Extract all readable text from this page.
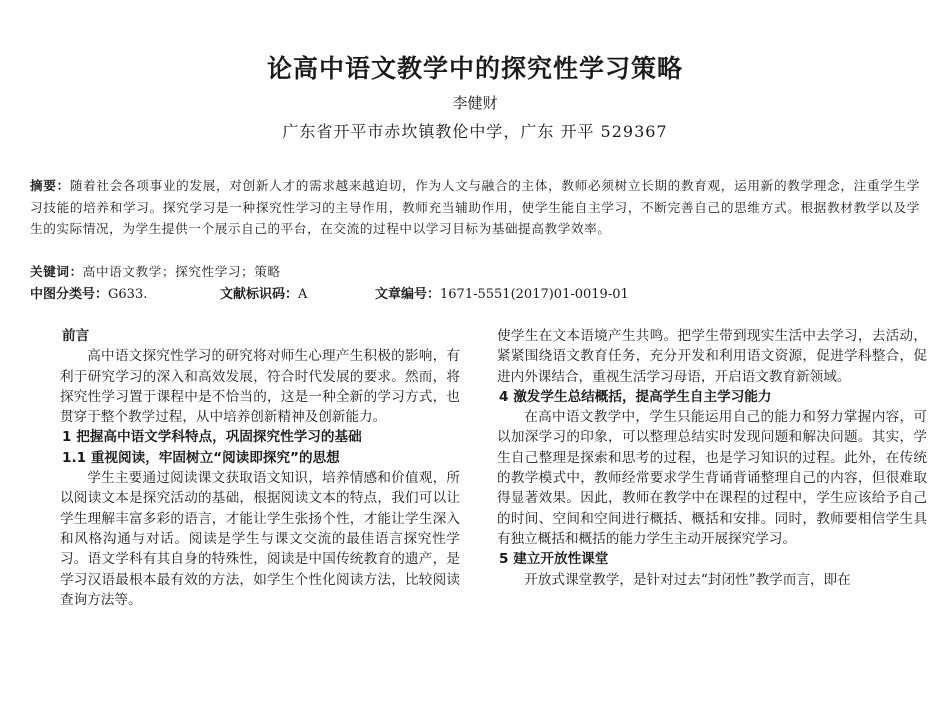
论高中语文教学中的探究性学习策略
李健财
广东省开平市赤坎镇教伦中学，广东 开平 529367
摘要：随着社会各项事业的发展，对创新人才的需求越来越迫切，作为人文与融合的主体，教师必须树立长期的教育观，运用新的教学理念，注重学生学习技能的培养和学习。探究学习是一种探究性学习的主导作用，教师充当辅助作用，使学生能自主学习，不断完善自己的思维方式。根据教材教学以及学生的实际情况，为学生提供一个展示自己的平台，在交流的过程中以学习目标为基础提高教学效率。
关键词：高中语文教学；探究性学习；策略
中图分类号：G633.	文献标识码：A	文章编号：1671-5551(2017)01-0019-01
前言

高中语文探究性学习的研究将对师生心理产生积极的影响，有利于研究学习的深入和高效发展，符合时代发展的要求。然而，将探究性学习置于课程中是不恰当的，这是一种全新的学习方式，也贯穿于整个教学过程，从中培养创新精神及创新能力。

1 把握高中语文学科特点，巩固探究性学习的基础
1.1 重视阅读，牢固树立“阅读即探究”的思想

学生主要通过阅读课文获取语文知识，培养情感和价值观，所以阅读文本是探究活动的基础，根据阅读文本的特点，我们可以让学生理解丰富多彩的语言，才能让学生张扬个性，才能让学生深入和风格沟通与对话。阅读是学生与课文交流的最佳语言探究性学习。语文学科有其自身的特殊性，阅读是中国传统教育的遗产，是学习汉语最根本最有效的方法，如学生个性化阅读方法，比较阅读查询方法等。

使学生在文本语境产生共鸣。把学生带到现实生活中去学习，去活动，紧紧围绕语文教育任务，充分开发和利用语文资源，促进学科整合，促进内外课结合，重视生活学习母语，开启语文教育新领域。

4 激发学生总结概括，提高学生自主学习能力

在高中语文教学中，学生只能运用自己的能力和努力掌握内容，可以加深学习的印象，可以整理总结实时发现问题和解决问题。其实，学生自己整理是探索和思考的过程，也是学习知识的过程。此外，在传统的教学模式中，教师经常要求学生背诵背诵整理自己的内容，但很难取得显著效果。因此，教师在教学中在课程的过程中，学生应该给予自己的时间、空间和空间进行概括、概括和安排。同时，教师要相信学生具有独立概括和概括的能力学生主动开展探究学习。

5 建立开放性课堂

开放式课堂教学，是针对过去“封闭性”教学而言，即在
